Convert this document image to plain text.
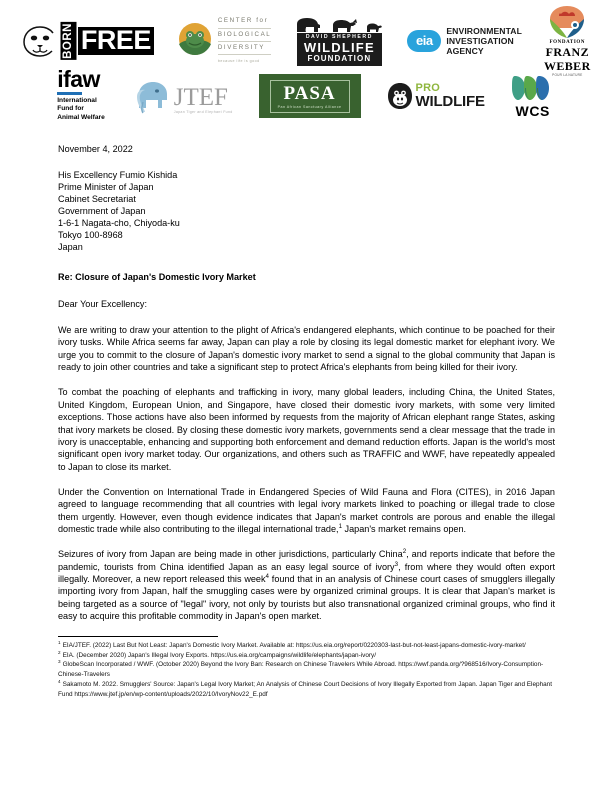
BORN FREE
CENTER for
BIOLOGICAL
DIVERSITY
because life is good
DAVID SHEPHERD
WILDLIFE
FOUNDATION
eia
ENVIRONMENTAL
INVESTIGATION
AGENCY
FONDATION
FRANZ
WEBER
POUR LA NATURE
ifaw
International
Fund for
Animal Welfare
JTEF
Japan Tiger and Elephant Fund
PASA
Pan African Sanctuary Alliance
PRO
WILDLIFE
WCS
November 4, 2022
His Excellency Fumio Kishida
Prime Minister of Japan
Cabinet Secretariat
Government of Japan
1-6-1 Nagata-cho, Chiyoda-ku
Tokyo 100-8968
Japan
Re: Closure of Japan's Domestic Ivory Market
Dear Your Excellency:

We are writing to draw your attention to the plight of Africa's endangered elephants, which continue to be poached for their ivory tusks. While Africa seems far away, Japan can play a role by closing its legal domestic market for elephant ivory. We urge you to commit to the closure of Japan's domestic ivory market to send a signal to the global community that Japan is ready to join other countries and take a significant step to protect Africa's elephants from being killed for their ivory.

To combat the poaching of elephants and trafficking in ivory, many global leaders, including China, the United States, United Kingdom, European Union, and Singapore, have closed their domestic ivory markets, with some very limited exceptions. Those actions have also been informed by requests from the majority of African elephant range States, asking that ivory markets be closed. By closing these domestic ivory markets, governments send a clear message that the trade in ivory is unacceptable, enhancing and supporting both enforcement and demand reduction efforts. Japan is the world's most significant open ivory market today. Our organizations, and others such as TRAFFIC and WWF, have repeatedly appealed to Japan to close its market.

Under the Convention on International Trade in Endangered Species of Wild Fauna and Flora (CITES), in 2016 Japan agreed to language recommending that all countries with legal ivory markets linked to poaching or illegal trade to close them urgently. However, even though evidence indicates that Japan's market controls are porous and enable the illegal domestic trade while also contributing to the illegal international trade,$^1$ Japan's market remains open.

Seizures of ivory from Japan are being made in other jurisdictions, particularly China$^2$, and reports indicate that before the pandemic, tourists from China identified Japan as an easy legal source of ivory$^3$, from where they would often export illegally. Moreover, a new report released this week$^4$ found that in an analysis of Chinese court cases of smugglers illegally importing ivory from Japan, half the smuggling cases were by organized criminal groups. It is clear that Japan's market is being targeted as a source of "legal" ivory, not only by tourists but also transnational organized criminal groups, who find it easy to acquire this profitable commodity in Japan's open market.

$^1$ EIA/JTEF. (2022) Last But Not Least: Japan's Domestic Ivory Market. Available at: https://us.eia.org/report/0220303-last-but-not-least-japans-domestic-ivory-market/
$^2$ EIA. (December 2020) Japan's Illegal Ivory Exports. https://us.eia.org/campaigns/wildlife/elephants/japan-ivory/
$^3$ GlobeScan Incorporated / WWF. (October 2020) Beyond the Ivory Ban: Research on Chinese Travelers While Abroad. https://wwf.panda.org/?968516/Ivory-Consumption-Chinese-Travelers
$^4$ Sakamoto M. 2022. Smugglers' Source: Japan's Legal Ivory Market; An Analysis of Chinese Court Decisions of Ivory Illegally Exported from Japan. Japan Tiger and Elephant Fund https://www.jtef.jp/en/wp-content/uploads/2022/10/IvoryNov22_E.pdf
